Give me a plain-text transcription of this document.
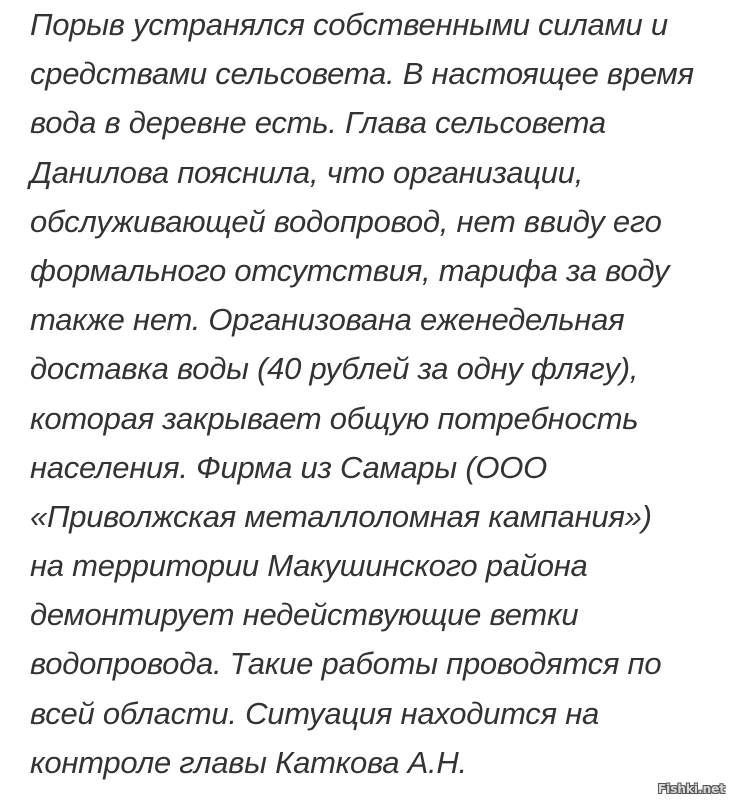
Порыв устранялся собственными силами и
средствами сельсовета. В настоящее время
вода в деревне есть. Глава сельсовета
Данилова пояснила, что организации,
обслуживающей водопровод, нет ввиду его
формального отсутствия, тарифа за воду
также нет. Организована еженедельная
доставка воды (40 рублей за одну флягу),
которая закрывает общую потребность
населения. Фирма из Самары (ООО
«Приволжская металлоломная кампания»)
на территории Макушинского района
демонтирует недействующие ветки
водопровода. Такие работы проводятся по
всей области. Ситуация находится на
контроле главы Каткова А.Н.
Fishki.net
